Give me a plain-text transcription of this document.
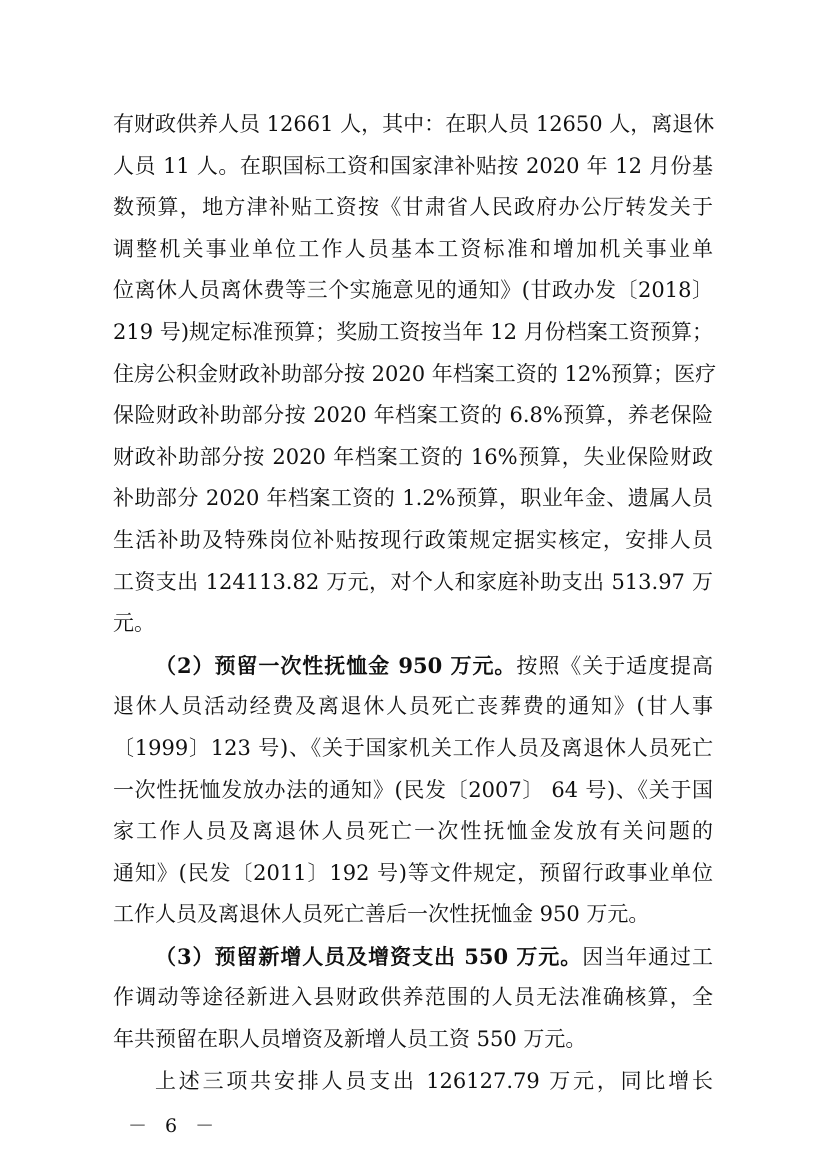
有财政供养人员 12661 人，其中：在职人员 12650 人，离退休
人员 11 人。在职国标工资和国家津补贴按 2020 年 12 月份基
数预算，地方津补贴工资按《甘肃省人民政府办公厅转发关于
调整机关事业单位工作人员基本工资标准和增加机关事业单
位离休人员离休费等三个实施意见的通知》(甘政办发〔2018〕
219 号)规定标准预算；奖励工资按当年 12 月份档案工资预算；
住房公积金财政补助部分按 2020 年档案工资的 12%预算；医疗
保险财政补助部分按 2020 年档案工资的 6.8%预算，养老保险
财政补助部分按 2020 年档案工资的 16%预算，失业保险财政
补助部分 2020 年档案工资的 1.2%预算，职业年金、遗属人员
生活补助及特殊岗位补贴按现行政策规定据实核定，安排人员
工资支出 124113.82 万元，对个人和家庭补助支出 513.97 万
元。
（2）预留一次性抚恤金 950 万元。按照《关于适度提高
退休人员活动经费及离退休人员死亡丧葬费的通知》(甘人事
〔1999〕123 号)、《关于国家机关工作人员及离退休人员死亡
一次性抚恤发放办法的通知》(民发〔2007〕 64 号)、《关于国
家工作人员及离退休人员死亡一次性抚恤金发放有关问题的
通知》(民发〔2011〕192 号)等文件规定，预留行政事业单位
工作人员及离退休人员死亡善后一次性抚恤金 950 万元。
（3）预留新增人员及增资支出 550 万元。因当年通过工
作调动等途径新进入县财政供养范围的人员无法准确核算，全
年共预留在职人员增资及新增人员工资 550 万元。
上述三项共安排人员支出 126127.79 万元，同比增长
－ 6 －
